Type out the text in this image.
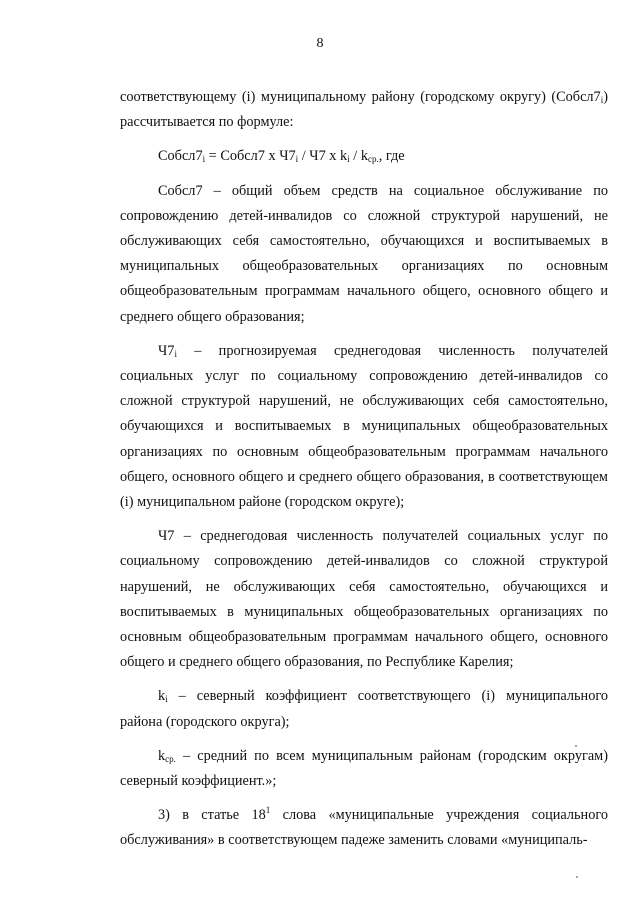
8

соответствующему (i) муниципальному району (городскому округу) $(Собсл7_i)$ рассчитывается по формуле:

$Собсл7_i$ = Собсл7 х $Ч7_i / Ч7$ х $k_i / k_{ср.}$, где

Собсл7 – общий объем средств на социальное обслуживание по сопровождению детей-инвалидов со сложной структурой нарушений, не обслуживающих себя самостоятельно, обучающихся и воспитываемых в муниципальных общеобразовательных организациях по основным общеобразовательным программам начального общего, основного общего и среднего общего образования;

$Ч7_i$ – прогнозируемая среднегодовая численность получателей социальных услуг по социальному сопровождению детей-инвалидов со сложной структурой нарушений, не обслуживающих себя самостоятельно, обучающихся и воспитываемых в муниципальных общеобразовательных организациях по основным общеобразовательным программам начального общего, основного общего и среднего общего образования, в соответствующем (i) муниципальном районе (городском округе);

Ч7 – среднегодовая численность получателей социальных услуг по социальному сопровождению детей-инвалидов со сложной структурой нарушений, не обслуживающих себя самостоятельно, обучающихся и воспитываемых в муниципальных общеобразовательных организациях по основным общеобразовательным программам начального общего, основного общего и среднего общего образования, по Республике Карелия;

$k_i$ – северный коэффициент соответствующего (i) муниципального района (городского округа);

$k_{ср.}$ – средний по всем муниципальным районам (городским округам) северный коэффициент.»;

3) в статье $18^1$ слова «муниципальные учреждения социального обслуживания» в соответствующем падеже заменить словами «муниципаль-
